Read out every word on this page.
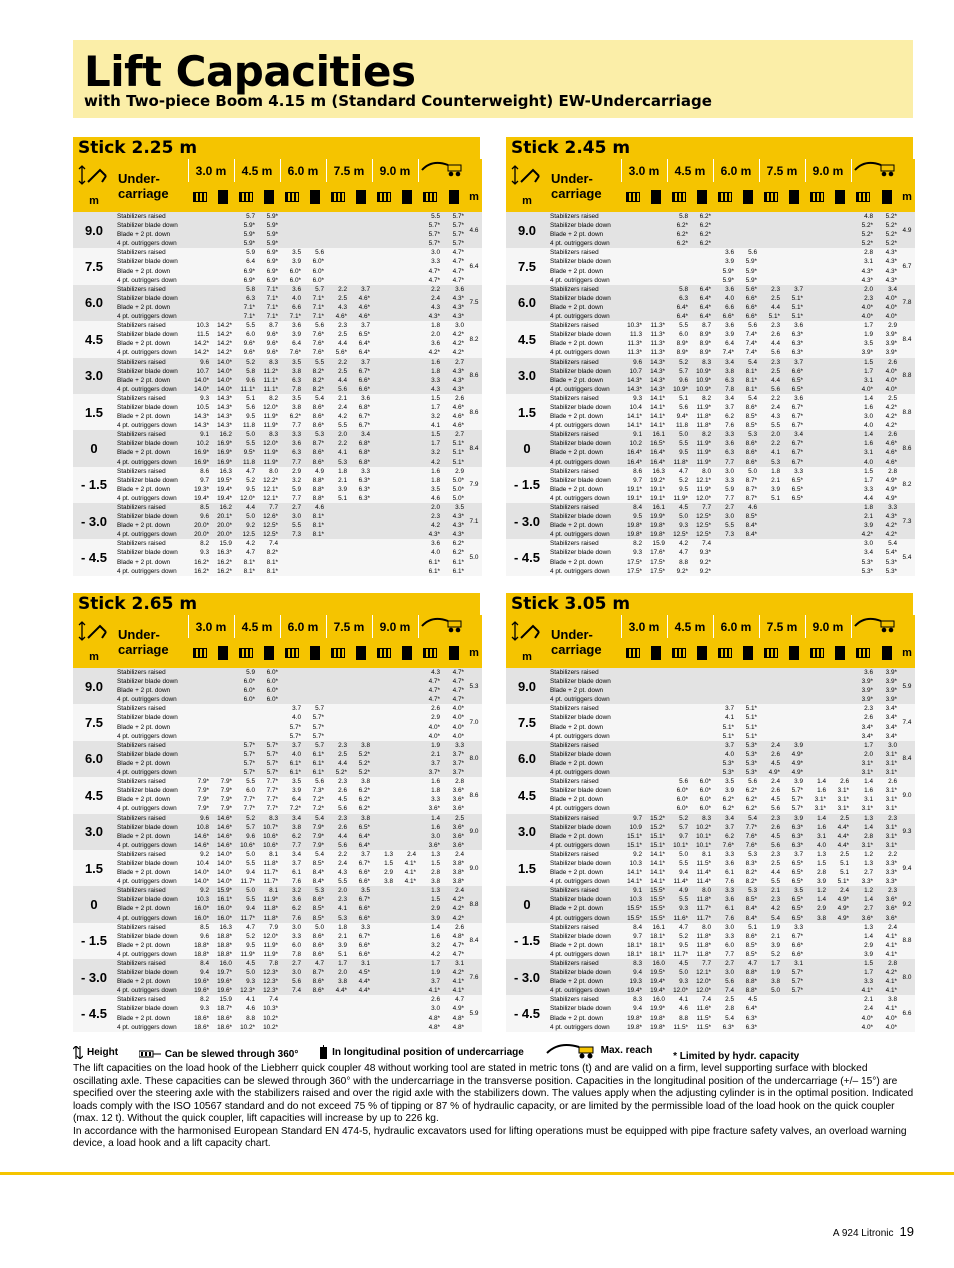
Lift Capacities
with Two-piece Boom 4.15 m (Standard Counterweight) EW-Undercarriage
Stick 2.25 m
m	Under-
carriage	3.0 m		4.5 m		6.0 m		7.5 m		9.0 m		
														m
9.0	Stabilizers raised			5.7	5.9*							5.5	5.7*	4.6
	Stabilizer blade down			5.9*	5.9*							5.7*	5.7*	
	Blade + 2 pt. down			5.9*	5.9*							5.7*	5.7*	
	4 pt. outriggers down			5.9*	5.9*							5.7*	5.7*	
7.5	Stabilizers raised			5.9	6.9*	3.5	5.6					3.0	4.7*	6.4
	Stabilizer blade down			6.4	6.9*	3.9	6.0*					3.3	4.7*	
	Blade + 2 pt. down			6.9*	6.9*	6.0*	6.0*					4.7*	4.7*	
	4 pt. outriggers down			6.9*	6.9*	6.0*	6.0*					4.7*	4.7*	
6.0	Stabilizers raised			5.8	7.1*	3.6	5.7	2.2	3.7			2.2	3.6	7.5
	Stabilizer blade down			6.3	7.1*	4.0	7.1*	2.5	4.6*			2.4	4.3*	
	Blade + 2 pt. down			7.1*	7.1*	6.6	7.1*	4.3	4.6*			4.3	4.3*	
	4 pt. outriggers down			7.1*	7.1*	7.1*	7.1*	4.6*	4.6*			4.3*	4.3*	
4.5	Stabilizers raised	10.3	14.2*	5.5	8.7	3.6	5.6	2.3	3.7			1.8	3.0	8.2
	Stabilizer blade down	11.5	14.2*	6.0	9.6*	3.9	7.6*	2.5	6.5*			2.0	4.2*	
	Blade + 2 pt. down	14.2*	14.2*	9.6*	9.6*	6.4	7.6*	4.4	6.4*			3.6	4.2*	
	4 pt. outriggers down	14.2*	14.2*	9.6*	9.6*	7.6*	7.6*	5.6*	6.4*			4.2*	4.2*	
3.0	Stabilizers raised	9.6	14.0*	5.2	8.3	3.5	5.5	2.2	3.7			1.6	2.7	8.6
	Stabilizer blade down	10.7	14.0*	5.8	11.2*	3.8	8.2*	2.5	6.7*			1.8	4.3*	
	Blade + 2 pt. down	14.0*	14.0*	9.6	11.1*	6.3	8.2*	4.4	6.6*			3.3	4.3*	
	4 pt. outriggers down	14.0*	14.0*	11.1*	11.1*	7.8	8.2*	5.6	6.6*			4.3	4.3*	
1.5	Stabilizers raised	9.3	14.3*	5.1	8.2	3.5	5.4	2.1	3.6			1.5	2.6	8.6
	Stabilizer blade down	10.5	14.3*	5.6	12.0*	3.8	8.6*	2.4	6.8*			1.7	4.6*	
	Blade + 2 pt. down	14.3*	14.3*	9.5	11.9*	6.2*	8.6*	4.2	6.7*			3.2	4.6*	
	4 pt. outriggers down	14.3*	14.3*	11.8	11.9*	7.7	8.6*	5.5	6.7*			4.1	4.6*	
0	Stabilizers raised	9.1	16.2	5.0	8.3	3.3	5.3	2.0	3.4			1.5	2.7	8.4
	Stabilizer blade down	10.2	16.9*	5.5	12.0*	3.6	8.7*	2.2	6.8*			1.7	5.1*	
	Blade + 2 pt. down	16.9*	16.9*	9.5*	11.9*	6.3	8.6*	4.1	6.8*			3.2	5.1*	
	4 pt. outriggers down	16.9*	16.9*	11.8	11.9*	7.7	8.6*	5.3	6.8*			4.2	5.1*	
- 1.5	Stabilizers raised	8.6	16.3	4.7	8.0	2.9	4.9	1.8	3.3			1.6	2.9	7.9
	Stabilizer blade down	9.7	19.5*	5.2	12.2*	3.2	8.8*	2.1	6.3*			1.8	5.0*	
	Blade + 2 pt. down	19.3*	19.4*	9.5	12.1*	5.9	8.8*	3.9	6.3*			3.5	5.0*	
	4 pt. outriggers down	19.4*	19.4*	12.0*	12.1*	7.7	8.8*	5.1	6.3*			4.6	5.0*	
- 3.0	Stabilizers raised	8.5	16.2	4.4	7.7	2.7	4.6					2.0	3.5	7.1
	Stabilizer blade down	9.6	20.1*	5.0	12.6*	3.0	8.1*					2.3	4.3*	
	Blade + 2 pt. down	20.0*	20.0*	9.2	12.5*	5.5	8.1*					4.2	4.3*	
	4 pt. outriggers down	20.0*	20.0*	12.5	12.5*	7.3	8.1*					4.3*	4.3*	
- 4.5	Stabilizers raised	8.2	15.9	4.2	7.4							3.6	6.2*	5.0
	Stabilizer blade down	9.3	16.3*	4.7	8.2*							4.0	6.2*	
	Blade + 2 pt. down	16.2*	16.2*	8.1*	8.1*							6.1*	6.1*	
	4 pt. outriggers down	16.2*	16.2*	8.1*	8.1*							6.1*	6.1*	
Stick 2.45 m
m	Under-
carriage	3.0 m		4.5 m		6.0 m		7.5 m		9.0 m		
														m
9.0	Stabilizers raised			5.8	6.2*							4.8	5.2*	4.9
	Stabilizer blade down			6.2*	6.2*							5.2*	5.2*	
	Blade + 2 pt. down			6.2*	6.2*							5.2*	5.2*	
	4 pt. outriggers down			6.2*	6.2*							5.2*	5.2*	
7.5	Stabilizers raised					3.6	5.6					2.8	4.3*	6.7
	Stabilizer blade down					3.9	5.9*					3.1	4.3*	
	Blade + 2 pt. down					5.9*	5.9*					4.3*	4.3*	
	4 pt. outriggers down					5.9*	5.9*					4.3*	4.3*	
6.0	Stabilizers raised			5.8	6.4*	3.6	5.6*	2.3	3.7			2.0	3.4	7.8
	Stabilizer blade down			6.3	6.4*	4.0	6.6*	2.5	5.1*			2.3	4.0*	
	Blade + 2 pt. down			6.4*	6.4*	6.6	6.6*	4.4	5.1*			4.0*	4.0*	
	4 pt. outriggers down			6.4*	6.4*	6.6*	6.6*	5.1*	5.1*			4.0*	4.0*	
4.5	Stabilizers raised	10.3*	11.3*	5.5	8.7	3.6	5.6	2.3	3.6			1.7	2.9	8.4
	Stabilizer blade down	11.3	11.3*	6.0	8.9*	3.9	7.4*	2.6	6.3*			1.9	3.9*	
	Blade + 2 pt. down	11.3*	11.3*	8.9*	8.9*	6.4	7.4*	4.4	6.3*			3.5	3.9*	
	4 pt. outriggers down	11.3*	11.3*	8.9*	8.9*	7.4*	7.4*	5.6	6.3*			3.9*	3.9*	
3.0	Stabilizers raised	9.6	14.3*	5.2	8.3	3.4	5.4	2.3	3.7			1.5	2.6	8.8
	Stabilizer blade down	10.7	14.3*	5.7	10.9*	3.8	8.1*	2.5	6.6*			1.7	4.0*	
	Blade + 2 pt. down	14.3*	14.3*	9.6	10.9*	6.3	8.1*	4.4	6.5*			3.1	4.0*	
	4 pt. outriggers down	14.3*	14.3*	10.9*	10.9*	7.8	8.1*	5.6	6.5*			4.0*	4.0*	
1.5	Stabilizers raised	9.3	14.1*	5.1	8.2	3.4	5.4	2.2	3.6			1.4	2.5	8.8
	Stabilizer blade down	10.4	14.1*	5.6	11.9*	3.7	8.6*	2.4	6.7*			1.6	4.2*	
	Blade + 2 pt. down	14.1*	14.1*	9.4*	11.8*	6.2	8.5*	4.3	6.7*			3.0	4.2*	
	4 pt. outriggers down	14.1*	14.1*	11.8	11.8*	7.6	8.5*	5.5	6.7*			4.0	4.2*	
0	Stabilizers raised	9.1	16.1	5.0	8.2	3.3	5.3	2.0	3.4			1.4	2.6	8.6
	Stabilizer blade down	10.2	16.5*	5.5	11.9*	3.6	8.6*	2.2	6.7*			1.6	4.6*	
	Blade + 2 pt. down	16.4*	16.4*	9.5	11.9*	6.3	8.6*	4.1	6.7*			3.1	4.6*	
	4 pt. outriggers down	16.4*	16.4*	11.8*	11.9*	7.7	8.6*	5.3	6.7*			4.0	4.6*	
- 1.5	Stabilizers raised	8.6	16.3	4.7	8.0	3.0	5.0	1.8	3.3			1.5	2.8	8.2
	Stabilizer blade down	9.7	19.2*	5.2	12.1*	3.3	8.7*	2.1	6.5*			1.7	4.9*	
	Blade + 2 pt. down	19.1*	19.1*	9.5	11.9*	5.9	8.7*	3.9	6.5*			3.3	4.9*	
	4 pt. outriggers down	19.1*	19.1*	11.9*	12.0*	7.7	8.7*	5.1	6.5*			4.4	4.9*	
- 3.0	Stabilizers raised	8.4	16.1	4.5	7.7	2.7	4.6					1.8	3.3	7.3
	Stabilizer blade down	9.5	19.9*	5.0	12.5*	3.0	8.5*					2.1	4.3*	
	Blade + 2 pt. down	19.8*	19.8*	9.3	12.5*	5.5	8.4*					3.9	4.2*	
	4 pt. outriggers down	19.8*	19.8*	12.5*	12.5*	7.3	8.4*					4.2*	4.2*	
- 4.5	Stabilizers raised	8.2	15.9	4.2	7.4							3.0	5.4	5.4
	Stabilizer blade down	9.3	17.6*	4.7	9.3*							3.4	5.4*	
	Blade + 2 pt. down	17.5*	17.5*	8.8	9.2*							5.3*	5.3*	
	4 pt. outriggers down	17.5*	17.5*	9.2*	9.2*							5.3*	5.3*	
Stick 2.65 m
m	Under-
carriage	3.0 m		4.5 m		6.0 m		7.5 m		9.0 m		
														m
9.0	Stabilizers raised			5.9	6.0*							4.3	4.7*	5.3
	Stabilizer blade down			6.0*	6.0*							4.7*	4.7*	
	Blade + 2 pt. down			6.0*	6.0*							4.7*	4.7*	
	4 pt. outriggers down			6.0*	6.0*							4.7*	4.7*	
7.5	Stabilizers raised					3.7	5.7					2.6	4.0*	7.0
	Stabilizer blade down					4.0	5.7*					2.9	4.0*	
	Blade + 2 pt. down					5.7*	5.7*					4.0*	4.0*	
	4 pt. outriggers down					5.7*	5.7*					4.0*	4.0*	
6.0	Stabilizers raised			5.7*	5.7*	3.7	5.7	2.3	3.8			1.9	3.3	8.0
	Stabilizer blade down			5.7*	5.7*	4.0	6.1*	2.5	5.2*			2.1	3.7*	
	Blade + 2 pt. down			5.7*	5.7*	6.1*	6.1*	4.4	5.2*			3.7	3.7*	
	4 pt. outriggers down			5.7*	5.7*	6.1*	6.1*	5.2*	5.2*			3.7*	3.7*	
4.5	Stabilizers raised	7.9*	7.9*	5.5	7.7*	3.5	5.6	2.3	3.8			1.6	2.8	8.6
	Stabilizer blade down	7.9*	7.9*	6.0	7.7*	3.9	7.3*	2.6	6.2*			1.8	3.6*	
	Blade + 2 pt. down	7.9*	7.9*	7.7*	7.7*	6.4	7.2*	4.5	6.2*			3.3	3.6*	
	4 pt. outriggers down	7.9*	7.9*	7.7*	7.7*	7.2*	7.2*	5.6	6.2*			3.6*	3.6*	
3.0	Stabilizers raised	9.6	14.6*	5.2	8.3	3.4	5.4	2.3	3.8			1.4	2.5	9.0
	Stabilizer blade down	10.8	14.6*	5.7	10.7*	3.8	7.9*	2.6	6.5*			1.6	3.6*	
	Blade + 2 pt. down	14.6*	14.6*	9.6	10.6*	6.2	7.9*	4.4	6.4*			3.0	3.6*	
	4 pt. outriggers down	14.6*	14.6*	10.6*	10.6*	7.7	7.9*	5.6	6.4*			3.6*	3.6*	
1.5	Stabilizers raised	9.2	14.0*	5.0	8.1	3.4	5.4	2.2	3.7	1.3	2.4	1.3	2.4	9.0
	Stabilizer blade down	10.4	14.0*	5.5	11.8*	3.7	8.5*	2.4	6.7*	1.5	4.1*	1.5	3.8*	
	Blade + 2 pt. down	14.0*	14.0*	9.4	11.7*	6.1	8.4*	4.3	6.6*	2.9	4.1*	2.8	3.8*	
	4 pt. outriggers down	14.0*	14.0*	11.7*	11.7*	7.6	8.4*	5.5	6.6*	3.8	4.1*	3.8	3.8*	
0	Stabilizers raised	9.2	15.9*	5.0	8.1	3.2	5.3	2.0	3.5			1.3	2.4	8.8
	Stabilizer blade down	10.3	16.1*	5.5	11.9*	3.6	8.6*	2.3	6.7*			1.5	4.2*	
	Blade + 2 pt. down	16.0*	16.0*	9.4	11.8*	6.2	8.5*	4.1	6.6*			2.9	4.2*	
	4 pt. outriggers down	16.0*	16.0*	11.7*	11.8*	7.6	8.5*	5.3	6.6*			3.9	4.2*	
- 1.5	Stabilizers raised	8.5	16.3	4.7	7.9	3.0	5.0	1.8	3.3			1.4	2.6	8.4
	Stabilizer blade down	9.6	18.8*	5.2	12.0*	3.3	8.6*	2.1	6.7*			1.6	4.8*	
	Blade + 2 pt. down	18.8*	18.8*	9.5	11.9*	6.0	8.6*	3.9	6.6*			3.2	4.7*	
	4 pt. outriggers down	18.8*	18.8*	11.9*	11.9*	7.8	8.6*	5.1	6.6*			4.2	4.7*	
- 3.0	Stabilizers raised	8.4	16.0	4.5	7.8	2.7	4.7	1.7	3.1			1.7	3.1	7.6
	Stabilizer blade down	9.4	19.7*	5.0	12.3*	3.0	8.7*	2.0	4.5*			1.9	4.2*	
	Blade + 2 pt. down	19.6*	19.6*	9.3	12.3*	5.6	8.6*	3.8	4.4*			3.7	4.1*	
	4 pt. outriggers down	19.6*	19.6*	12.3*	12.3*	7.4	8.6*	4.4*	4.4*			4.1*	4.1*	
- 4.5	Stabilizers raised	8.2	15.9	4.1	7.4							2.6	4.7	5.9
	Stabilizer blade down	9.3	18.7*	4.6	10.3*							3.0	4.9*	
	Blade + 2 pt. down	18.6*	18.6*	8.8	10.2*							4.8*	4.8*	
	4 pt. outriggers down	18.6*	18.6*	10.2*	10.2*							4.8*	4.8*	
Stick 3.05 m
m	Under-
carriage	3.0 m		4.5 m		6.0 m		7.5 m		9.0 m		
														m
9.0	Stabilizers raised											3.6	3.9*	5.9
	Stabilizer blade down											3.9*	3.9*	
	Blade + 2 pt. down											3.9*	3.9*	
	4 pt. outriggers down											3.9*	3.9*	
7.5	Stabilizers raised					3.7	5.1*					2.3	3.4*	7.4
	Stabilizer blade down					4.1	5.1*					2.6	3.4*	
	Blade + 2 pt. down					5.1*	5.1*					3.4*	3.4*	
	4 pt. outriggers down					5.1*	5.1*					3.4*	3.4*	
6.0	Stabilizers raised					3.7	5.3*	2.4	3.9			1.7	3.0	8.4
	Stabilizer blade down					4.0	5.3*	2.6	4.9*			2.0	3.1*	
	Blade + 2 pt. down					5.3*	5.3*	4.5	4.9*			3.1*	3.1*	
	4 pt. outriggers down					5.3*	5.3*	4.9*	4.9*			3.1*	3.1*	
4.5	Stabilizers raised			5.6	6.0*	3.5	5.6	2.4	3.9	1.4	2.6	1.4	2.6	9.0
	Stabilizer blade down			6.0*	6.0*	3.9	6.2*	2.6	5.7*	1.6	3.1*	1.6	3.1*	
	Blade + 2 pt. down			6.0*	6.0*	6.2*	6.2*	4.5	5.7*	3.1*	3.1*	3.1	3.1*	
	4 pt. outriggers down			6.0*	6.0*	6.2*	6.2*	5.6	5.7*	3.1*	3.1*	3.1*	3.1*	
3.0	Stabilizers raised	9.7	15.2*	5.2	8.3	3.4	5.4	2.3	3.9	1.4	2.5	1.3	2.3	9.3
	Stabilizer blade down	10.9	15.2*	5.7	10.2*	3.7	7.7*	2.6	6.3*	1.6	4.4*	1.4	3.1*	
	Blade + 2 pt. down	15.1*	15.1*	9.7	10.1*	6.2	7.6*	4.5	6.3*	3.1	4.4*	2.8	3.1*	
	4 pt. outriggers down	15.1*	15.1*	10.1*	10.1*	7.6*	7.6*	5.6	6.3*	4.0	4.4*	3.1*	3.1*	
1.5	Stabilizers raised	9.2	14.1*	5.0	8.1	3.3	5.3	2.3	3.7	1.3	2.5	1.2	2.2	9.4
	Stabilizer blade down	10.3	14.1*	5.5	11.5*	3.6	8.3*	2.5	6.5*	1.5	5.1	1.3	3.3*	
	Blade + 2 pt. down	14.1*	14.1*	9.4	11.4*	6.1	8.2*	4.4	6.5*	2.8	5.1	2.7	3.3*	
	4 pt. outriggers down	14.1*	14.1*	11.4*	11.4*	7.6	8.2*	5.5	6.5*	3.9	5.1*	3.3*	3.3*	
0	Stabilizers raised	9.1	15.5*	4.9	8.0	3.3	5.3	2.1	3.5	1.2	2.4	1.2	2.3	9.2
	Stabilizer blade down	10.3	15.5*	5.5	11.8*	3.6	8.5*	2.3	6.5*	1.4	4.9*	1.4	3.6*	
	Blade + 2 pt. down	15.5*	15.5*	9.3	11.7*	6.1	8.4*	4.2	6.5*	2.9	4.9*	2.7	3.6*	
	4 pt. outriggers down	15.5*	15.5*	11.6*	11.7*	7.6	8.4*	5.4	6.5*	3.8	4.9*	3.6*	3.6*	
- 1.5	Stabilizers raised	8.4	16.1	4.7	8.0	3.0	5.1	1.9	3.3			1.3	2.4	8.8
	Stabilizer blade down	9.7	18.1*	5.2	11.8*	3.3	8.6*	2.1	6.7*			1.4	4.1*	
	Blade + 2 pt. down	18.1*	18.1*	9.5	11.8*	6.0	8.5*	3.9	6.6*			2.9	4.1*	
	4 pt. outriggers down	18.1*	18.1*	11.7*	11.8*	7.7	8.5*	5.2	6.6*			3.9	4.1*	
- 3.0	Stabilizers raised	8.3	16.0	4.5	7.7	2.7	4.7	1.7	3.1			1.5	2.8	8.0
	Stabilizer blade down	9.4	19.5*	5.0	12.1*	3.0	8.8*	1.9	5.7*			1.7	4.2*	
	Blade + 2 pt. down	19.3	19.4*	9.3	12.0*	5.6	8.8*	3.8	5.7*			3.3	4.1*	
	4 pt. outriggers down	19.4*	19.4*	12.0*	12.0*	7.4	8.8*	5.0	5.7*			4.1*	4.1*	
- 4.5	Stabilizers raised	8.3	16.0	4.1	7.4	2.5	4.5					2.1	3.8	6.6
	Stabilizer blade down	9.4	19.9*	4.6	11.6*	2.8	6.4*					2.4	4.1*	
	Blade + 2 pt. down	19.8*	19.8*	8.8	11.5*	5.4	6.3*					4.0*	4.0*	
	4 pt. outriggers down	19.8*	19.8*	11.5*	11.5*	6.3*	6.3*					4.0*	4.0*	
Height
	Can be slewed through 360°
	In longitudinal position of undercarriage
	Max. reach

* Limited by hydr. capacity

The lift capacities on the load hook of the Liebherr quick coupler 48 without working tool are stated in metric tons (t) and are valid on a firm, level supporting surface with blocked oscillating axle. These capacities can be slewed through 360° with the undercarriage in the transverse position. Capacities in the longitudinal position of the undercarriage (+/– 15°) are specified over the steering axle with the stabilizers raised and over the rigid axle with the stabilizers down. The values apply when the adjusting cylinder is in the optimal position. Indicated loads comply with the ISO 10567 standard and do not exceed 75 % of tipping or 87 % of hydraulic capacity, or are limited by the permissible load of the load hook on the quick coupler (max. 12 t). Without the quick coupler, lift capacities will increase by up to 226 kg.

In accordance with the harmonised European Standard EN 474-5, hydraulic excavators used for lifting operations must be equipped with pipe fracture safety valves, an overload warning device, a load hook and a lift capacity chart.

A 924 Litronic 19
